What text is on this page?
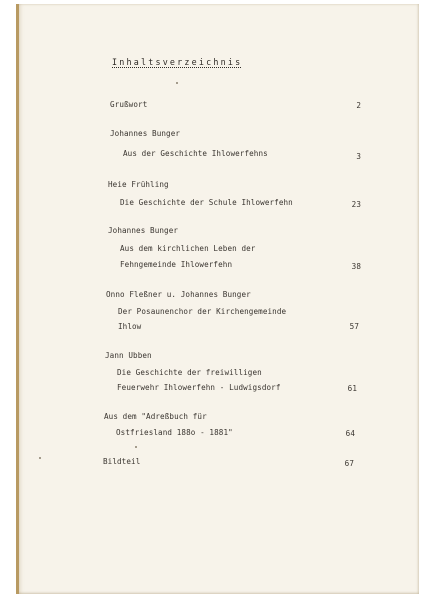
Inhaltsverzeichnis
Grußwort	2
Johannes Bunger
Aus der Geschichte Ihlowerfehns	3
Heie Frühling
Die Geschichte der Schule Ihlowerfehn	23
Johannes Bunger
Aus dem kirchlichen Leben der
Fehngemeinde Ihlowerfehn	38
Onno Fleßner u. Johannes Bunger
Der Posaunenchor der Kirchengemeinde
Ihlow	57
Jann Ubben
Die Geschichte der freiwilligen
Feuerwehr Ihlowerfehn - Ludwigsdorf	61
Aus dem "Adreßbuch für
Ostfriesland 188o - 1881"	64
Bildteil	67
